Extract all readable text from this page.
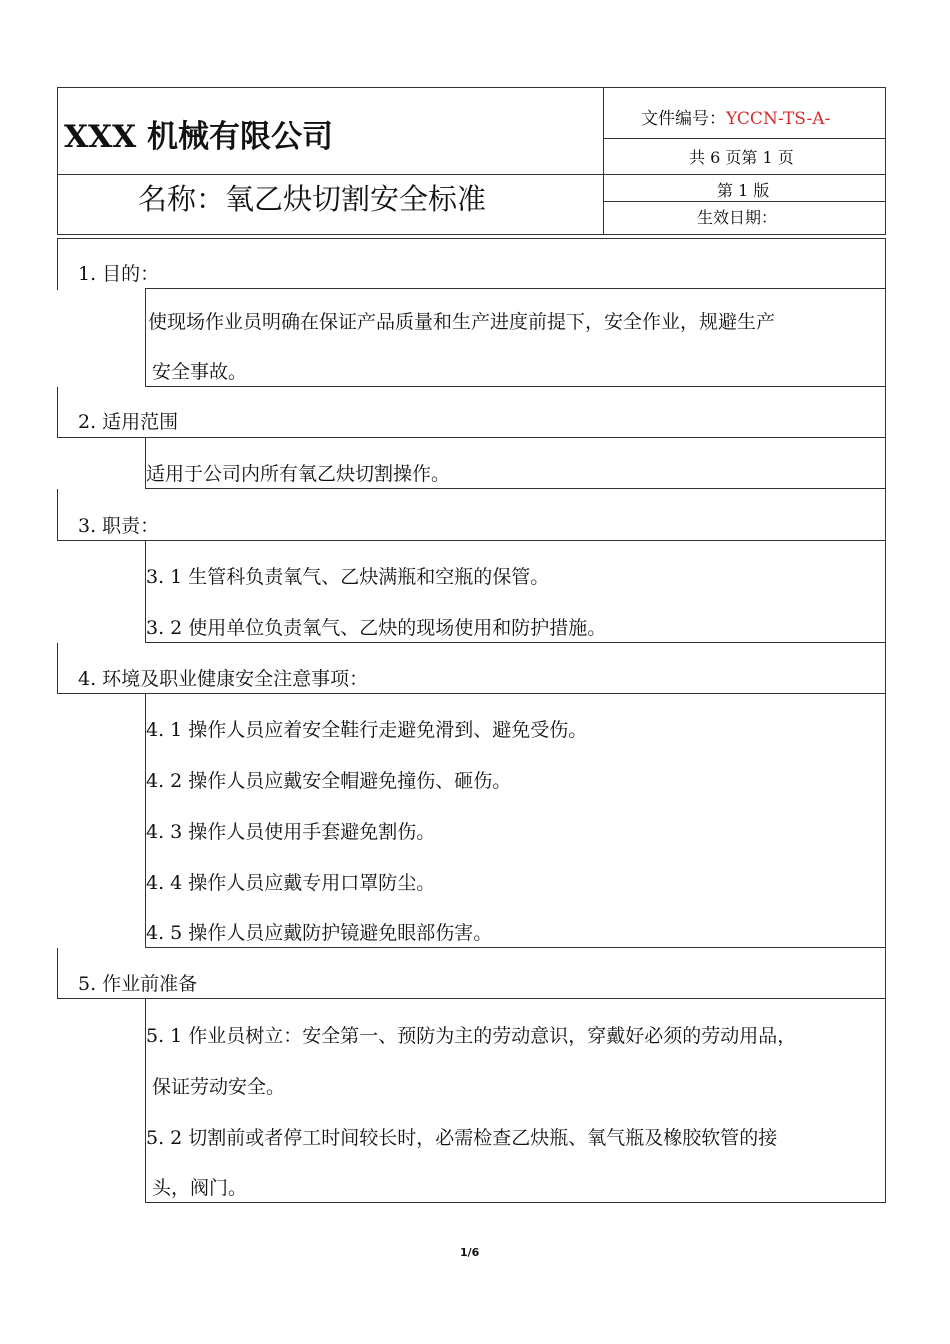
XXX 机械有限公司	文件编号：YCCN-TS-A-
共 6 页第 1 页
名称：氧乙炔切割安全标准	第 1 版
生效日期：
1. 目的：
使现场作业员明确在保证产品质量和生产进度前提下，安全作业，规避生产
安全事故。
2. 适用范围
适用于公司内所有氧乙炔切割操作。
3. 职责：
3. 1 生管科负责氧气、乙炔满瓶和空瓶的保管。
3. 2 使用单位负责氧气、乙炔的现场使用和防护措施。
4. 环境及职业健康安全注意事项：
4. 1 操作人员应着安全鞋行走避免滑到、避免受伤。
4. 2 操作人员应戴安全帽避免撞伤、砸伤。
4. 3 操作人员使用手套避免割伤。
4. 4 操作人员应戴专用口罩防尘。
4. 5 操作人员应戴防护镜避免眼部伤害。
5. 作业前准备
5. 1 作业员树立：安全第一、预防为主的劳动意识，穿戴好必须的劳动用品，
保证劳动安全。
5. 2 切割前或者停工时间较长时，必需检查乙炔瓶、氧气瓶及橡胶软管的接
头，阀门。
1/6
